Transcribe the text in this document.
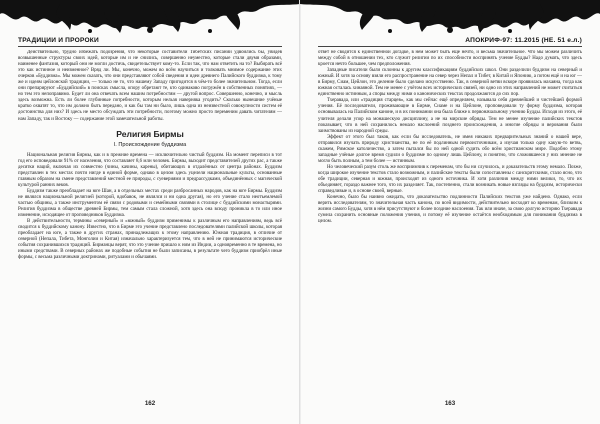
ТРАДИЦИИ И ПРОРОКИ

Действительно, трудно избежать подозрения, что некоторые составители Тибетских писаний удвоились бы, увидев возвышенные структуры своих идей, которые им и не снились, совершенно неуместно, которые стали двумя образами, наименее фантазия, который они не могли достичь, свидетельствует кому-то. Если так, что нам ответить на то? Выбирать всё это как истинное и неизменное? Вряд ли. Мы, конечно, можем во всём научиться и толковать мнимое содержание этих очерков «Буддизма». Мы можем сказать, что они представляют собой сведения и идеи древнего Палийского буддизма, к тому же и идеям цейлонской традиции, — только не то, что нашему Западу пригодится в чём-то более значительном. Тогда, если они препарируют «Буддийский» в поисках смысла, опору обретают те, кто одинаково погружён в собственных понятиях, — но тем это непоправимо. Будет ли она отвечать всем нашим потребностям — другой вопрос. Совершенно, конечно, и мысль здесь возможна. Есть ли более глубинные потребности, которым нельзя наверняка угодить? Сколько нынешние учёные кратко охватят то, что им должно быть передано, и как бы там ни было, лишь одна из неизвестной совокупности систем её достоинства для них? И здесь не место обсуждать эти потребности, поэтому можно просто переменим давать читателям — нам Западу, так и Востоку — содержание этой замечательной работы.

Религия Бирмы
I. Происхождение буддизма

Национальная религия Бирмы, как и в прежние времена — исключительно чистый буддизм. На момент переписи в тот год его исповедовали 91% от населения, что составляет 8,6 млн человек. Бирмы, выходит представителей других рас, а также десятки наций, включая их совместно (чины, качины, карены), обитающих в отдалённых от центра районах. Буддизм представлен в тех местах почти нигде в единой форме, однако в целом здесь уцелели национальные культы, основанные главным образом на смене представлений местной ее природы, с суевериями и предрассудками, объединённых с магической культурой ранних веков.

Буддизм также преобладает на юге Шан, а в отдельных местах среди разбросанных народов, как на юге Бирмы. Буддизм не являлся национальной религией (которой, вдобавок, не являлся и ни одна другая), но его учение стало неотъемлемой частью общины, а также инструментом её связи с родовыми и семейными связями в столице с буддийскими монастырями. Религия буддизма в обществе древней Бирмы, тем самым стала сложной, хотя здесь она всюду проникла в то или иное изменение, исходящее от проповедников Буддизма.

В действительности, термины «северный» и «южный» буддизм применимы к различным его направлениям, ведь всё сводится к буддийскому канону. Известно, что в Бирме это учение представлено последователями палийской школы, которая преобладает на юге, а также в других странах, принадлежащих к этому направлению. Южная традиция, в отличие от северной (Непала, Тибета, Монголии и Китая) изначально характеризуется тем, что в ней не принимаются исторические события сохранившихся традиций. Бирманцы верят, что это учение пришло к ним из Индии, а одновременно в те времена, но иными средствами. В северных районах же подобные события не были записаны, в результате чего буддизм приобрёл иные формы, с весьма различными доктринами, ритуалами и обычаями.

162
АПОКРИФ-97: 11.2015 (НЕ. 51 е.л.)

ответ не сводится к единственной догадке, в нём может быть ещё нечто, и весьма значительное. Что мы можем различить между собой в отношении тех, кто служит религии по их способности воспринять учение Будды? Надо думать, что здесь кроется нечто большее, чем предположения.

Западные писатели были склонны к другим классификациям буддийских школ. Они разделили буддизм на северный и южный. И хотя за основу взяли его распространение на север через Непал и Тибет, в Китай и Японию, а потом ещё и на юг — в Бирму, Сиам, Цейлон, это деление было сделано искусственно. Так, в северной ветви вскоре проявилась махаяна, тогда как южная осталась хинаяной. Тем не менее с учётом всех исторических связей, ни одно из этих направлений не может считаться единственно истинным, а споры между ними о канонических текстах продолжаются до сих пор.

Тхеравада, или «традиция старцев», как мы сейчас ещё определяем, называла себя древнейшей и чистейшей формой учения. Её последователи, проживающие в Бирме, Сиаме и на Цейлоне, проповедовали ту форму буддизма, которая основывалась на Палийском каноне, и в их понимании она была ближе к первоначальному учению Будды. Исходя из этого, её учителя делали упор на монашескую дисциплину, а не на мирские обряды. Тем не менее изучение палийских текстов показывает, что в ней сохранилось немало наслоений позднего происхождения, а многие обряды и верования были заимствованы из народной среды.

Эффект от этого был таков, как если бы исследователь, не имея никаких предварительных знаний о нашей вере, отправился изучать природу христианства, не по её подлинным первоисточникам, а изучая только одну какую-то ветвь, скажем, Римское католичество, а затем пытался бы по ней одной судить обо всём христианском мире. Подобно этому западные учёные долгое время судили о буддизме по одному лишь Цейлону, и понятно, что сложившееся у них мнение не могло быть полным, а тем более — истинным.

Но человеческий разум столь же восприимчив к переменам, что бы ни случилось, и доказательств этому немало. Позже, когда широкое изучение текстов стало возможным, и палийские тексты были сопоставлены с санскритскими, стало ясно, что обе традиции, северная и южная, происходят из одного источника. И хотя различия между ними велики, то, что их объединяет, гораздо важнее того, что их разделяет. Так, постепенно, стали возникать новые взгляды на буддизм, исторически справедливые и, в основе своей, верные.

Конечно, было бы наивно ожидать, что доказательство подлинности Палийских текстов уже найдено. Однако, если верить исследователям, то значительная часть канона, по всей видимости, действительно восходит ко временам, близким к жизни самого Будды, хотя в нём присутствуют и более поздние наслоения. Так или иначе, за свою долгую историю Тхеравада сумела сохранить основные положения учения, и потому её изучение остаётся необходимым для понимания буддизма в целом.

163
